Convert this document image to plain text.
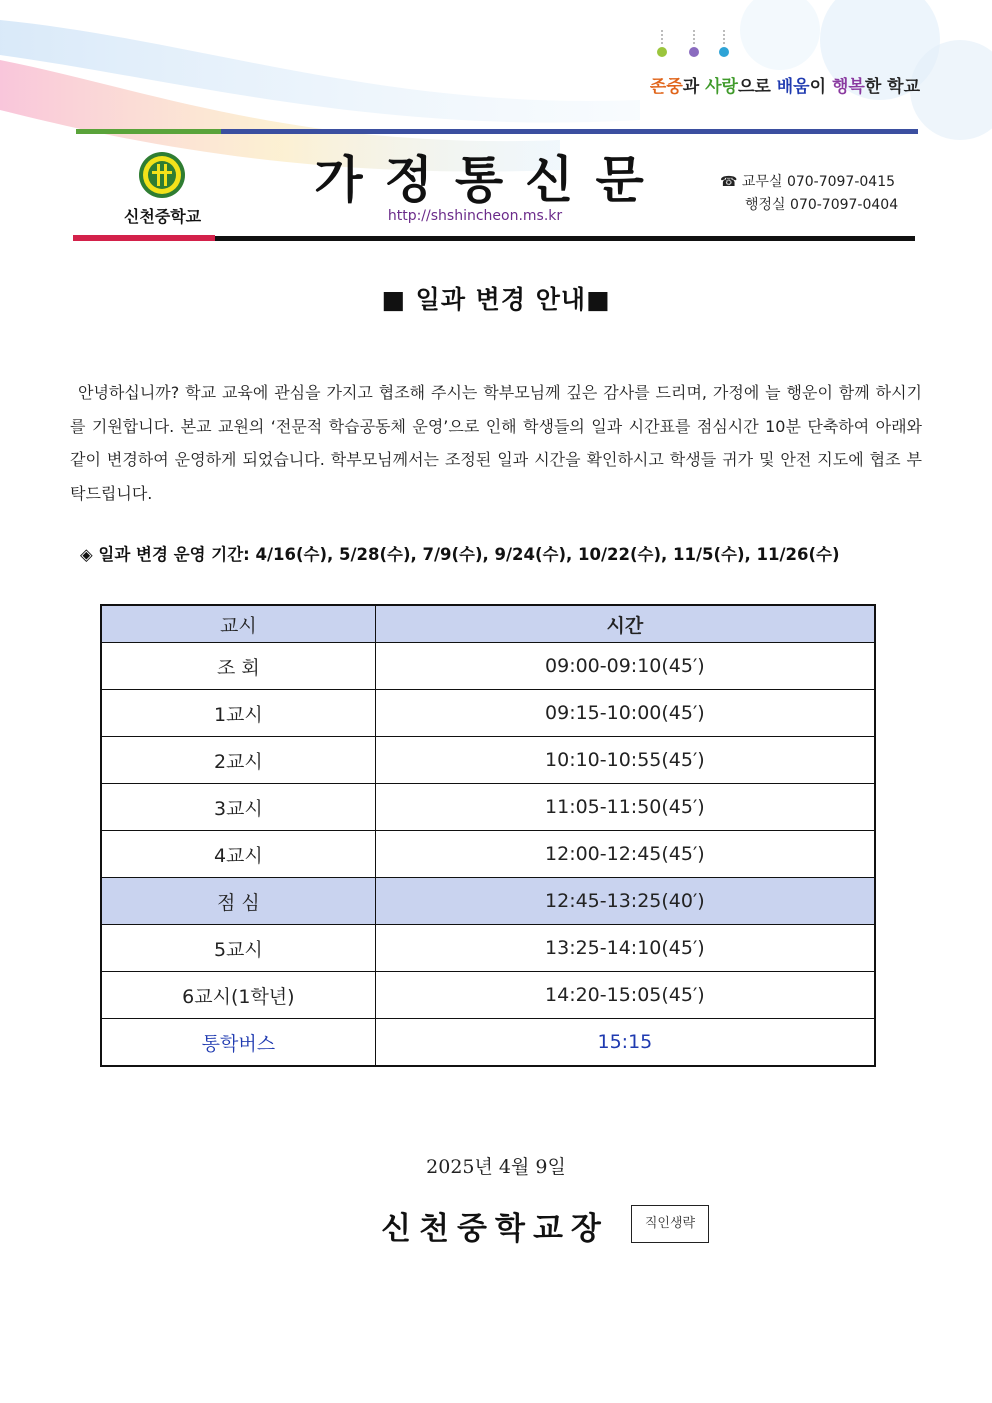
존중과 사랑으로 배움이 행복한 학교
신천중학교
가정통신문
http://shshincheon.ms.kr
☎ 교무실 070-7097-0415
행정실 070-7097-0404
■ 일과 변경 안내■
안녕하십니까? 학교 교육에 관심을 가지고 협조해 주시는 학부모님께 깊은 감사를 드리며, 가정에 늘 행운이 함께 하시기를 기원합니다. 본교 교원의 ‘전문적 학습공동체 운영’으로 인해 학생들의 일과 시간표를 점심시간 10분 단축하여 아래와 같이 변경하여 운영하게 되었습니다. 학부모님께서는 조정된 일과 시간을 확인하시고 학생들 귀가 및 안전 지도에 협조 부탁드립니다.
◈ 일과 변경 운영 기간: 4/16(수), 5/28(수), 7/9(수), 9/24(수), 10/22(수), 11/5(수), 11/26(수)
교시	시간
조 회	09:00-09:10(45′)
1교시	09:15-10:00(45′)
2교시	10:10-10:55(45′)
3교시	11:05-11:50(45′)
4교시	12:00-12:45(45′)
점 심	12:45-13:25(40′)
5교시	13:25-14:10(45′)
6교시(1학년)	14:20-15:05(45′)
통학버스	15:15
2025년 4월 9일
신천중학교장	직인생략
